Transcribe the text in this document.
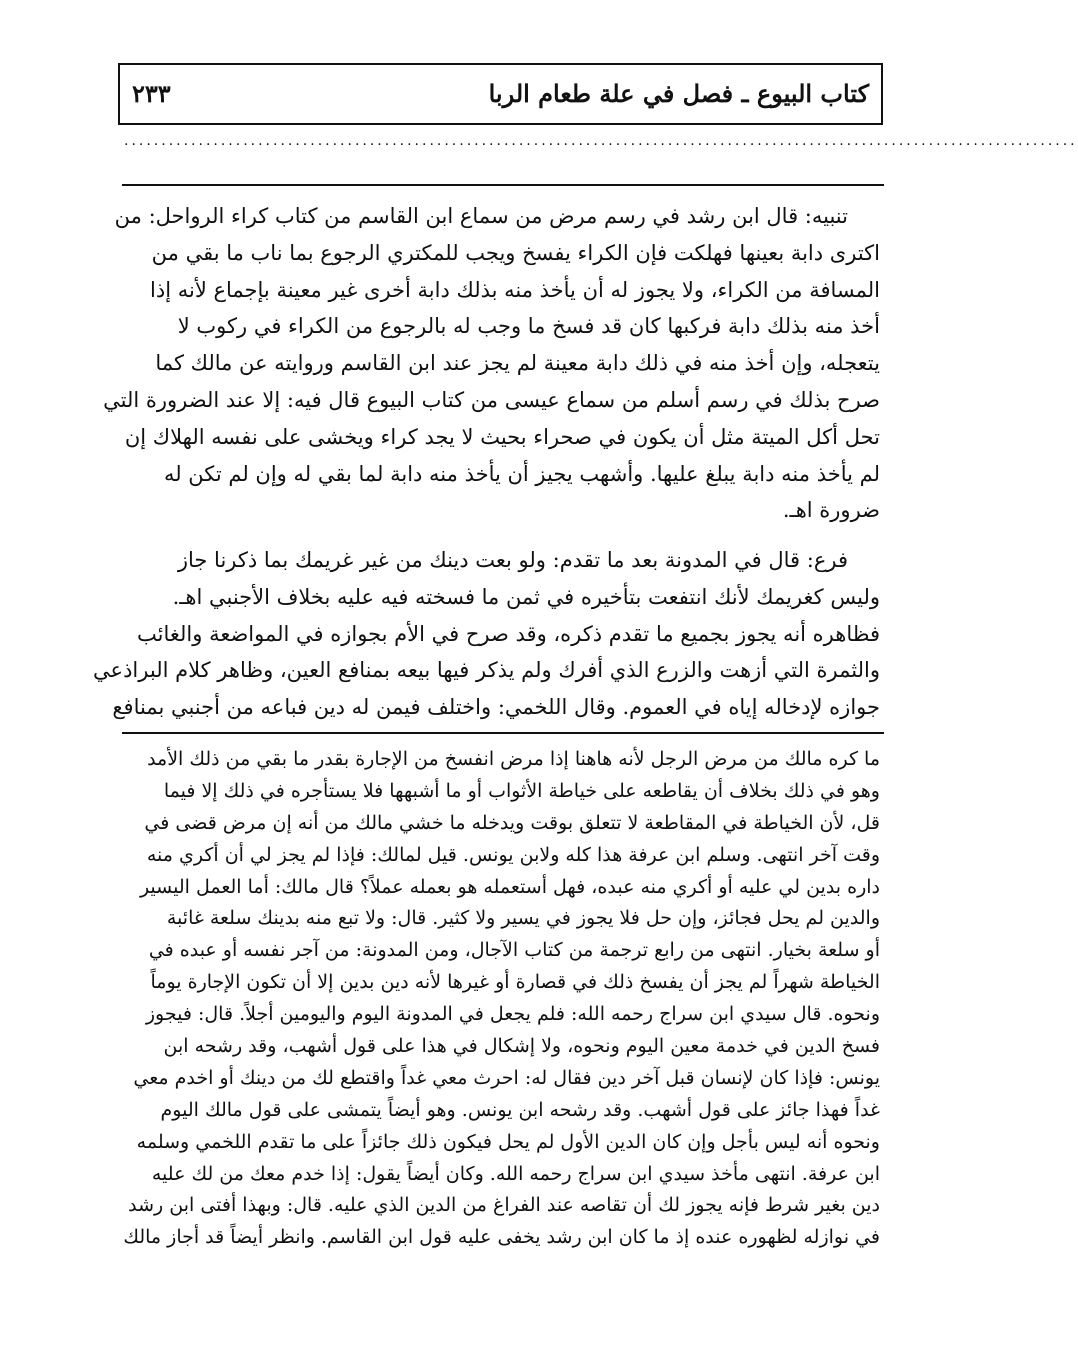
كتاب البيوع ـ فصل في علة طعام الربا
٢٣٣
................................................................................................................................
تنبيه: قال ابن رشد في رسم مرض من سماع ابن القاسم من كتاب كراء الرواحل: من
اكترى دابة بعينها فهلكت فإن الكراء يفسخ ويجب للمكتري الرجوع بما ناب ما بقي من
المسافة من الكراء، ولا يجوز له أن يأخذ منه بذلك دابة أخرى غير معينة بإجماع لأنه إذا
أخذ منه بذلك دابة فركبها كان قد فسخ ما وجب له بالرجوع من الكراء في ركوب لا
يتعجله، وإن أخذ منه في ذلك دابة معينة لم يجز عند ابن القاسم وروايته عن مالك كما
صرح بذلك في رسم أسلم من سماع عيسى من كتاب البيوع قال فيه: إلا عند الضرورة التي
تحل أكل الميتة مثل أن يكون في صحراء بحيث لا يجد كراء ويخشى على نفسه الهلاك إن
لم يأخذ منه دابة يبلغ عليها. وأشهب يجيز أن يأخذ منه دابة لما بقي له وإن لم تكن له
ضرورة اهـ.
فرع: قال في المدونة بعد ما تقدم: ولو بعت دينك من غير غريمك بما ذكرنا جاز
وليس كغريمك لأنك انتفعت بتأخيره في ثمن ما فسخته فيه عليه بخلاف الأجنبي اهـ.
فظاهره أنه يجوز بجميع ما تقدم ذكره، وقد صرح في الأم بجوازه في المواضعة والغائب
والثمرة التي أزهت والزرع الذي أفرك ولم يذكر فيها بيعه بمنافع العين، وظاهر كلام البراذعي
جوازه لإدخاله إياه في العموم. وقال اللخمي: واختلف فيمن له دين فباعه من أجنبي بمنافع
ما كره مالك من مرض الرجل لأنه هاهنا إذا مرض انفسخ من الإجارة بقدر ما بقي من ذلك الأمد
وهو في ذلك بخلاف أن يقاطعه على خياطة الأثواب أو ما أشبهها فلا يستأجره في ذلك إلا فيما
قل، لأن الخياطة في المقاطعة لا تتعلق بوقت ويدخله ما خشي مالك من أنه إن مرض قضى في
وقت آخر انتهى. وسلم ابن عرفة هذا كله ولابن يونس. قيل لمالك: فإذا لم يجز لي أن أكري منه
داره بدين لي عليه أو أكري منه عبده، فهل أستعمله هو بعمله عملاً؟ قال مالك: أما العمل اليسير
والدين لم يحل فجائز، وإن حل فلا يجوز في يسير ولا كثير. قال: ولا تبع منه بدينك سلعة غائبة
أو سلعة بخيار. انتهى من رابع ترجمة من كتاب الآجال، ومن المدونة: من آجر نفسه أو عبده في
الخياطة شهراً لم يجز أن يفسخ ذلك في قصارة أو غيرها لأنه دين بدين إلا أن تكون الإجارة يوماً
ونحوه. قال سيدي ابن سراج رحمه الله: فلم يجعل في المدونة اليوم واليومين أجلاً. قال: فيجوز
فسخ الدين في خدمة معين اليوم ونحوه، ولا إشكال في هذا على قول أشهب، وقد رشحه ابن
يونس: فإذا كان لإنسان قبل آخر دين فقال له: احرث معي غداً واقتطع لك من دينك أو اخدم معي
غداً فهذا جائز على قول أشهب. وقد رشحه ابن يونس. وهو أيضاً يتمشى على قول مالك اليوم
ونحوه أنه ليس بأجل وإن كان الدين الأول لم يحل فيكون ذلك جائزاً على ما تقدم اللخمي وسلمه
ابن عرفة. انتهى مأخذ سيدي ابن سراج رحمه الله. وكان أيضاً يقول: إذا خدم معك من لك عليه
دين بغير شرط فإنه يجوز لك أن تقاصه عند الفراغ من الدين الذي عليه. قال: وبهذا أفتى ابن رشد
في نوازله لظهوره عنده إذ ما كان ابن رشد يخفى عليه قول ابن القاسم. وانظر أيضاً قد أجاز مالك
